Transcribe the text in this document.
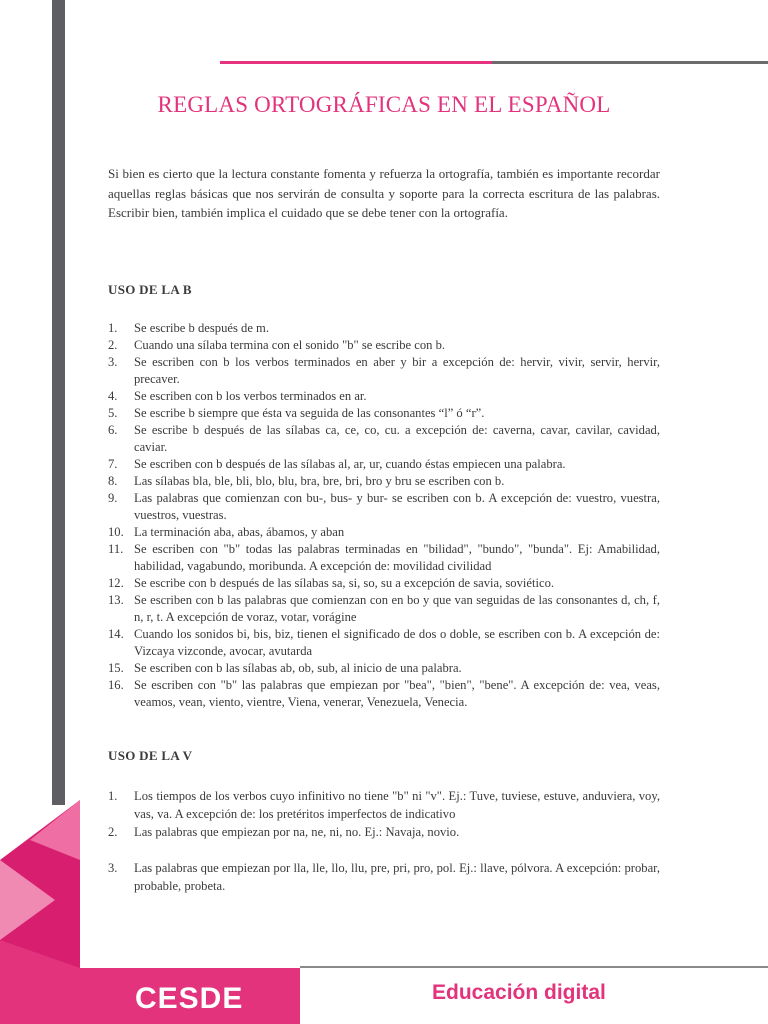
REGLAS ORTOGRÁFICAS EN EL ESPAÑOL

Si bien es cierto que la lectura constante fomenta y refuerza la ortografía, también es importante recordar aquellas reglas básicas que nos servirán de consulta y soporte para la correcta escritura de las palabras. Escribir bien, también implica el cuidado que se debe tener con la ortografía.

USO DE LA B
1. Se escribe b después de m.
2. Cuando una sílaba termina con el sonido "b" se escribe con b.
3. Se escriben con b los verbos terminados en aber y bir a excepción de: hervir, vivir, servir, hervir, precaver.
4. Se escriben con b los verbos terminados en ar.
5. Se escribe b siempre que ésta va seguida de las consonantes “l” ó “r”.
6. Se escribe b después de las sílabas ca, ce, co, cu. a excepción de: caverna, cavar, cavilar, cavidad, caviar.
7. Se escriben con b después de las sílabas al, ar, ur, cuando éstas empiecen una palabra.
8. Las sílabas bla, ble, bli, blo, blu, bra, bre, bri, bro y bru se escriben con b.
9. Las palabras que comienzan con bu-, bus- y bur- se escriben con b. A excepción de: vuestro, vuestra, vuestros, vuestras.
10. La terminación aba, abas, ábamos, y aban
11. Se escriben con "b" todas las palabras terminadas en "bilidad", "bundo", "bunda". Ej: Amabilidad, habilidad, vagabundo, moribunda. A excepción de: movilidad civilidad
12. Se escribe con b después de las sílabas sa, si, so, su a excepción de savia, soviético.
13. Se escriben con b las palabras que comienzan con en bo y que van seguidas de las consonantes d, ch, f, n, r, t. A excepción de voraz, votar, vorágine
14. Cuando los sonidos bi, bis, biz, tienen el significado de dos o doble, se escriben con b. A excepción de: Vizcaya vizconde, avocar, avutarda
15. Se escriben con b las sílabas ab, ob, sub, al inicio de una palabra.
16. Se escriben con "b" las palabras que empiezan por "bea", "bien", "bene". A excepción de: vea, veas, veamos, vean, viento, vientre, Viena, venerar, Venezuela, Venecia.
USO DE LA V
1. Los tiempos de los verbos cuyo infinitivo no tiene "b" ni "v". Ej.: Tuve, tuviese, estuve, anduviera, voy, vas, va. A excepción de: los pretéritos imperfectos de indicativo
2. Las palabras que empiezan por na, ne, ni, no. Ej.: Navaja, novio.
3. Las palabras que empiezan por lla, lle, llo, llu, pre, pri, pro, pol. Ej.: llave, pólvora. A excepción: probar, probable, probeta.
CESDE	Educación digital
